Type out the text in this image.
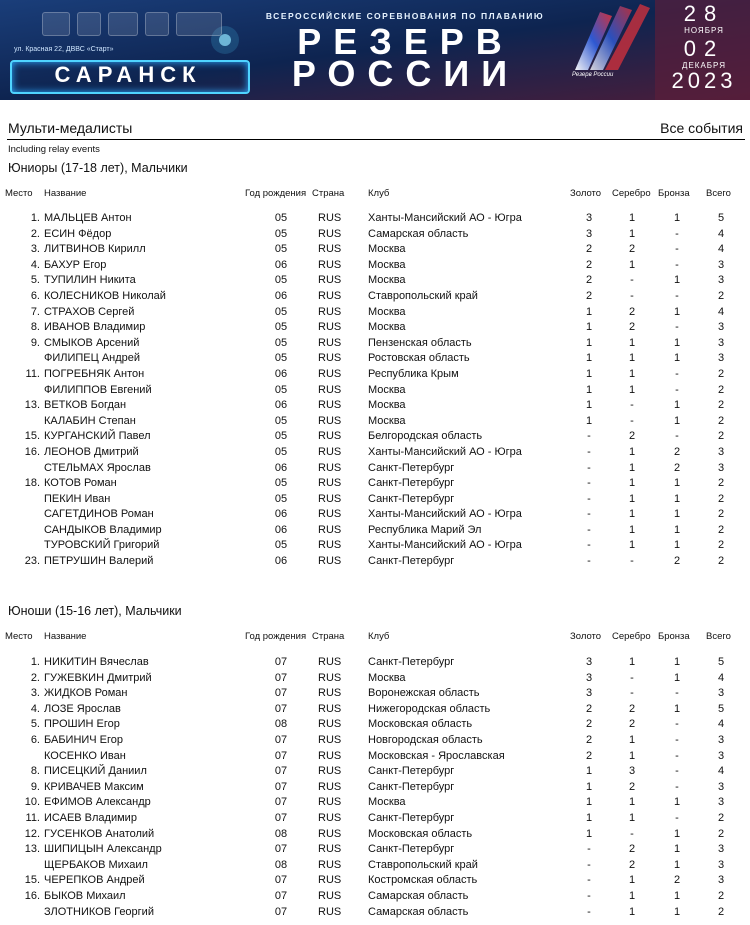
ул. Красная 22, ДВВС «Старт»
САРАНСК
ВСЕРОССИЙСКИЕ СОРЕВНОВАНИЯ ПО ПЛАВАНИЮ
РЕЗЕРВ
РОССИИ	Резерв России
28
НОЯБРЯ
02
ДЕКАБРЯ
2023
Мульти-медалисты	Все события
Including relay events
Юниоры (17-18 лет), Мальчики
Место Название	Год рождения Страна Клуб	Золото Серебро Бронза Всего
1. МАЛЬЦЕВ Антон	05	RUS Ханты-Мансийский АО - Югра	3	1	1	5
2. ЕСИН Фёдор	05	RUS Самарская область	3	1	-	4
3. ЛИТВИНОВ Кирилл	05	RUS Москва	2	2	-	4
4. БАХУР Егор	06	RUS Москва	2	1	-	3
5. ТУПИЛИН Никита	05	RUS Москва	2	-	1	3
6. КОЛЕСНИКОВ Николай	06	RUS Ставропольский край	2	-	-	2
7. СТРАХОВ Сергей	05	RUS Москва	1	2	1	4
8. ИВАНОВ Владимир	05	RUS Москва	1	2	-	3
9. СМЫКОВ Арсений	05	RUS Пензенская область	1	1	1	3
ФИЛИПЕЦ Андрей	05	RUS Ростовская область	1	1	1	3
11. ПОГРЕБНЯК Антон	06	RUS Республика Крым	1	1	-	2
ФИЛИППОВ Евгений	05	RUS Москва	1	1	-	2
13. ВЕТКОВ Богдан	06	RUS Москва	1	-	1	2
КАЛАБИН Степан	05	RUS Москва	1	-	1	2
15. КУРГАНСКИЙ Павел	05	RUS Белгородская область	-	2	-	2
16. ЛЕОНОВ Дмитрий	05	RUS Ханты-Мансийский АО - Югра	-	1	2	3
СТЕЛЬМАХ Ярослав	06	RUS Санкт-Петербург	-	1	2	3
18. КОТОВ Роман	05	RUS Санкт-Петербург	-	1	1	2
ПЕКИН Иван	05	RUS Санкт-Петербург	-	1	1	2
САГЕТДИНОВ Роман	06	RUS Ханты-Мансийский АО - Югра	-	1	1	2
САНДЫКОВ Владимир	06	RUS Республика Марий Эл	-	1	1	2
ТУРОВСКИЙ Григорий	05	RUS Ханты-Мансийский АО - Югра	-	1	1	2
23. ПЕТРУШИН Валерий	06	RUS Санкт-Петербург	-	-	2	2
Юноши (15-16 лет), Мальчики
Место Название	Год рождения Страна Клуб	Золото Серебро Бронза Всего
1. НИКИТИН Вячеслав	07	RUS Санкт-Петербург	3	1	1	5
2. ГУЖЕВКИН Дмитрий	07	RUS Москва	3	-	1	4
3. ЖИДКОВ Роман	07	RUS Воронежская область	3	-	-	3
4. ЛОЗЕ Ярослав	07	RUS Нижегородская область	2	2	1	5
5. ПРОШИН Егор	08	RUS Московская область	2	2	-	4
6. БАБИНИЧ Егор	07	RUS Новгородская область	2	1	-	3
КОСЕНКО Иван	07	RUS Московская - Ярославская	2	1	-	3
8. ПИСЕЦКИЙ Даниил	07	RUS Санкт-Петербург	1	3	-	4
9. КРИВАЧЕВ Максим	07	RUS Санкт-Петербург	1	2	-	3
10. ЕФИМОВ Александр	07	RUS Москва	1	1	1	3
11. ИСАЕВ Владимир	07	RUS Санкт-Петербург	1	1	-	2
12. ГУСЕНКОВ Анатолий	08	RUS Московская область	1	-	1	2
13. ШИПИЦЫН Александр	07	RUS Санкт-Петербург	-	2	1	3
ЩЕРБАКОВ Михаил	08	RUS Ставропольский край	-	2	1	3
15. ЧЕРЕПКОВ Андрей	07	RUS Костромская область	-	1	2	3
16. БЫКОВ Михаил	07	RUS Самарская область	-	1	1	2
ЗЛОТНИКОВ Георгий	07	RUS Самарская область	-	1	1	2
